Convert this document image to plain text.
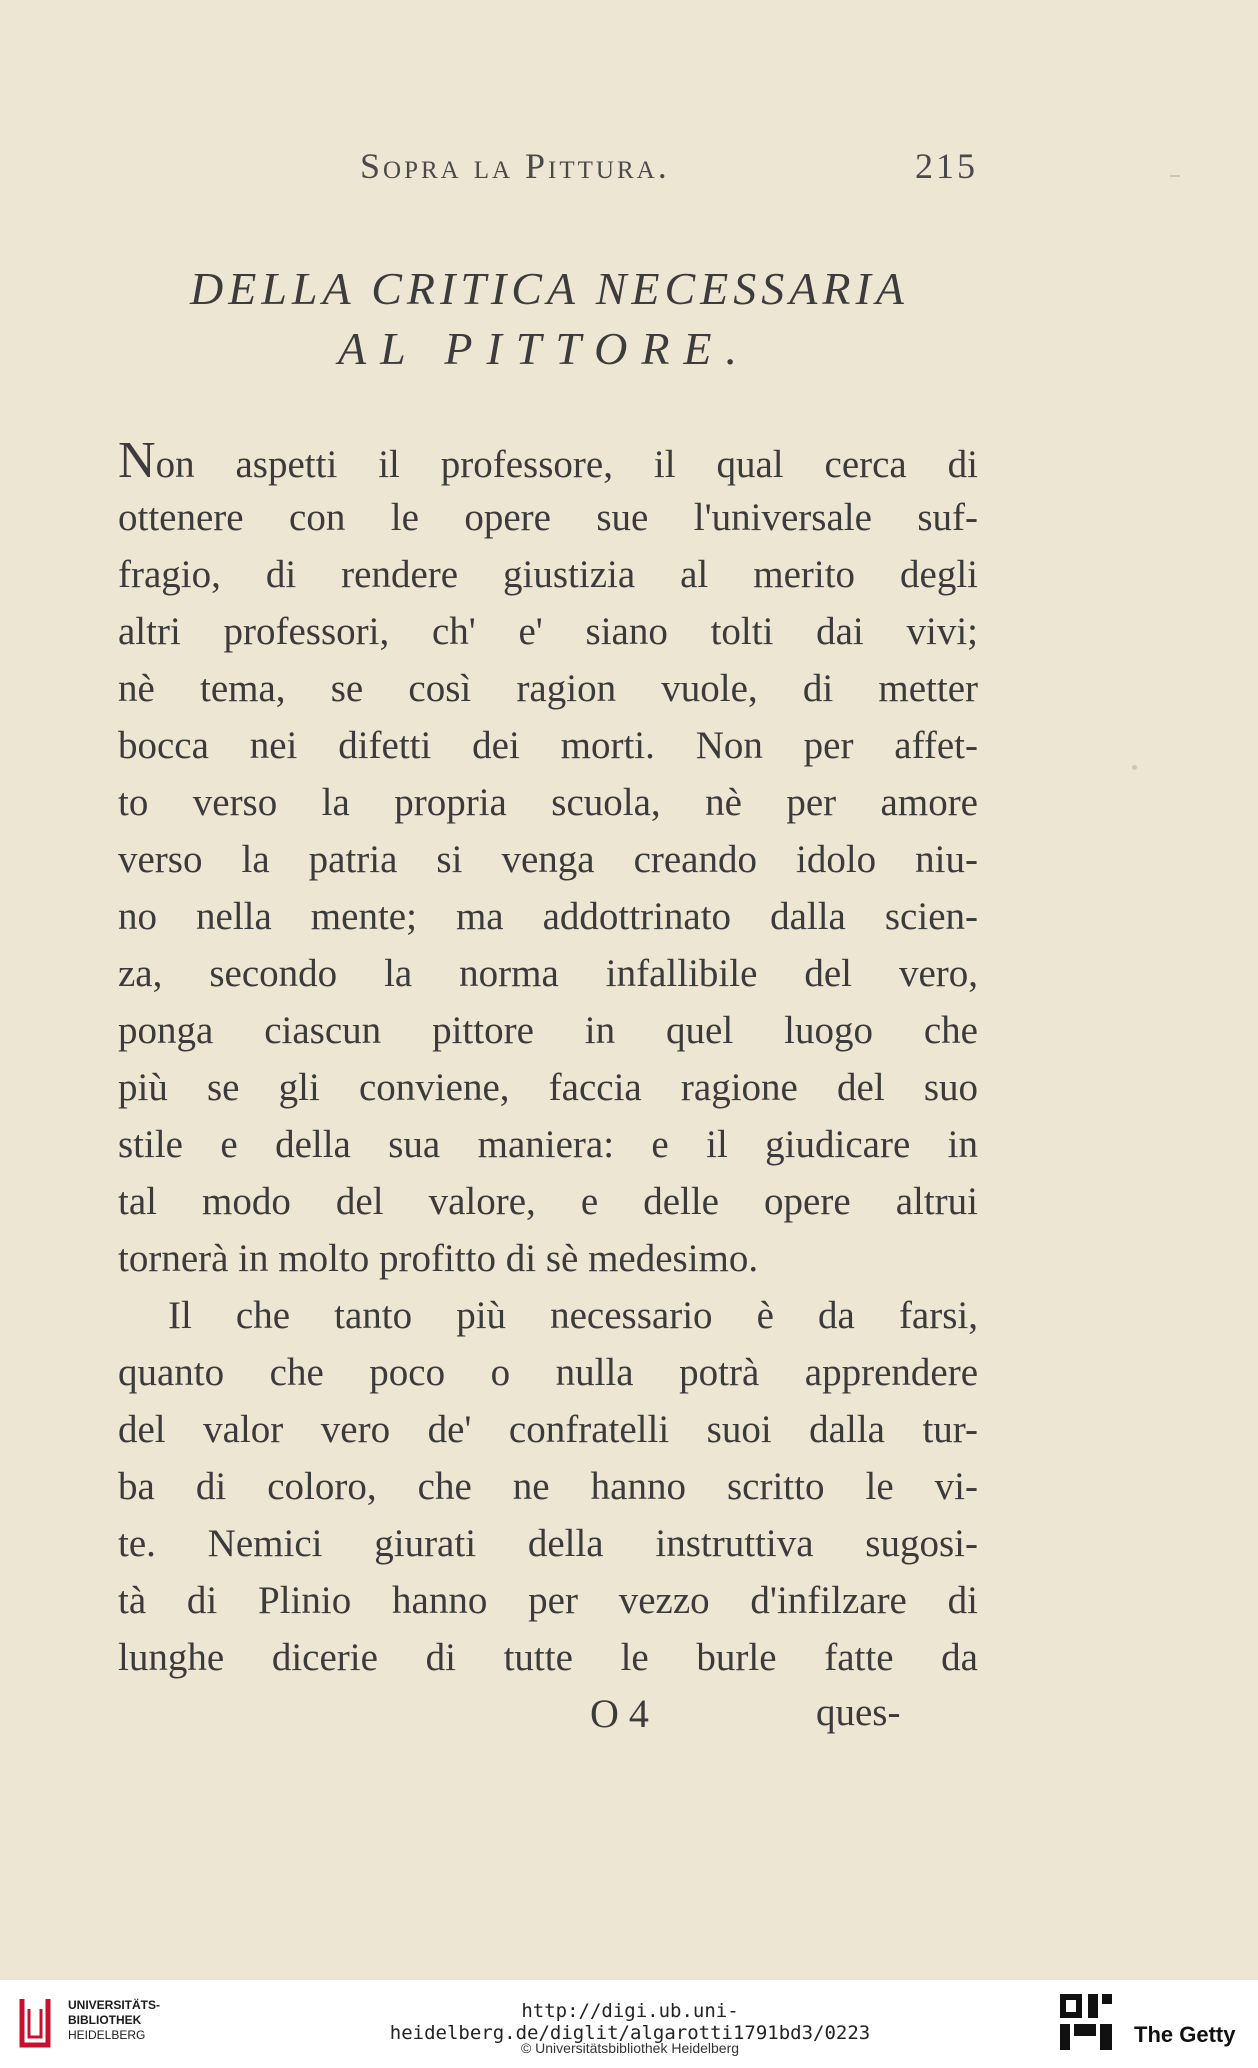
Sopra la Pittura.	215
DELLA CRITICA NECESSARIA
AL PITTORE.
Non aspetti il professore, il qual cerca di
ottenere con le opere sue l'universale suf-
fragio, di rendere giustizia al merito degli
altri professori, ch' e' siano tolti dai vivi;
nè tema, se così ragion vuole, di metter
bocca nei difetti dei morti. Non per affet-
to verso la propria scuola, nè per amore
verso la patria si venga creando idolo niu-
no nella mente; ma addottrinato dalla scien-
za, secondo la norma infallibile del vero,
ponga ciascun pittore in quel luogo che
più se gli conviene, faccia ragione del suo
stile e della sua maniera: e il giudicare in
tal modo del valore, e delle opere altrui
tornerà in molto profitto di sè medesimo.
Il che tanto più necessario è da farsi,
quanto che poco o nulla potrà apprendere
del valor vero de' confratelli suoi dalla tur-
ba di coloro, che ne hanno scritto le vi-
te. Nemici giurati della instruttiva sugosi-
tà di Plinio hanno per vezzo d'infilzare di
lunghe dicerie di tutte le burle fatte da
O 4	ques-
UNIVERSITÄTS-
BIBLIOTHEK
HEIDELBERG
http://digi.ub.uni-heidelberg.de/diglit/algarotti1791bd3/0223
© Universitätsbibliothek Heidelberg
The Getty
